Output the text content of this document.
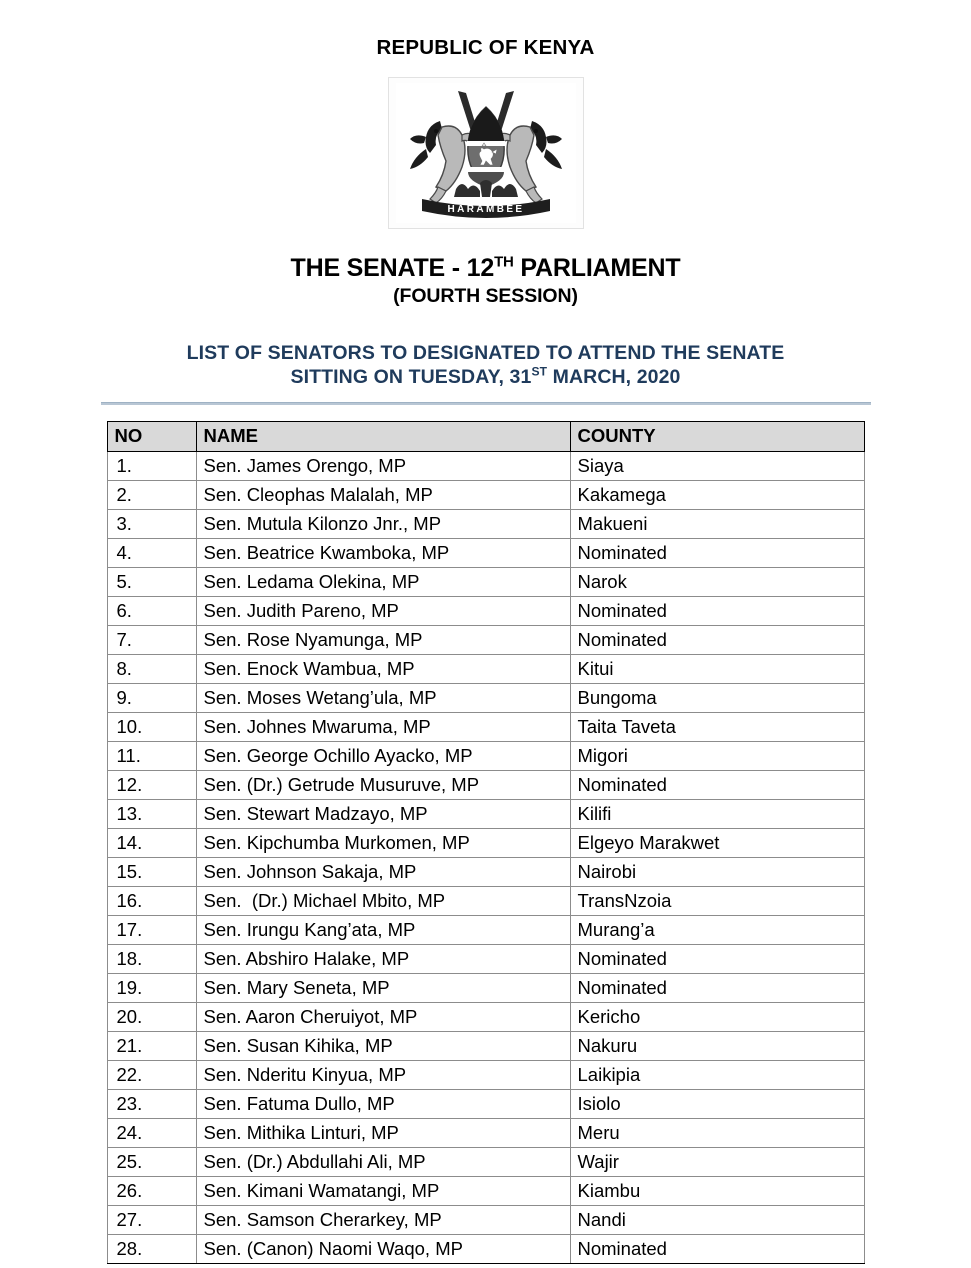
REPUBLIC OF KENYA
HARAMBEE
THE SENATE - 12TH PARLIAMENT
(FOURTH SESSION)
LIST OF SENATORS TO DESIGNATED TO ATTEND THE SENATE
SITTING ON TUESDAY, 31ST MARCH, 2020
NO	NAME	COUNTY
1.	Sen. James Orengo, MP	Siaya
2.	Sen. Cleophas Malalah, MP	Kakamega
3.	Sen. Mutula Kilonzo Jnr., MP	Makueni
4.	Sen. Beatrice Kwamboka, MP	Nominated
5.	Sen. Ledama Olekina, MP	Narok
6.	Sen. Judith Pareno, MP	Nominated
7.	Sen. Rose Nyamunga, MP	Nominated
8.	Sen. Enock Wambua, MP	Kitui
9.	Sen. Moses Wetang’ula, MP	Bungoma
10.	Sen. Johnes Mwaruma, MP	Taita Taveta
11.	Sen. George Ochillo Ayacko, MP	Migori
12.	Sen. (Dr.) Getrude Musuruve, MP	Nominated
13.	Sen. Stewart Madzayo, MP	Kilifi
14.	Sen. Kipchumba Murkomen, MP	Elgeyo Marakwet
15.	Sen. Johnson Sakaja, MP	Nairobi
16.	Sen.  (Dr.) Michael Mbito, MP	TransNzoia
17.	Sen. Irungu Kang’ata, MP	Murang’a
18.	Sen. Abshiro Halake, MP	Nominated
19.	Sen. Mary Seneta, MP	Nominated
20.	Sen. Aaron Cheruiyot, MP	Kericho
21.	Sen. Susan Kihika, MP	Nakuru
22.	Sen. Nderitu Kinyua, MP	Laikipia
23.	Sen. Fatuma Dullo, MP	Isiolo
24.	Sen. Mithika Linturi, MP	Meru
25.	Sen. (Dr.) Abdullahi Ali, MP	Wajir
26.	Sen. Kimani Wamatangi, MP	Kiambu
27.	Sen. Samson Cherarkey, MP	Nandi
28.	Sen. (Canon) Naomi Waqo, MP	Nominated
